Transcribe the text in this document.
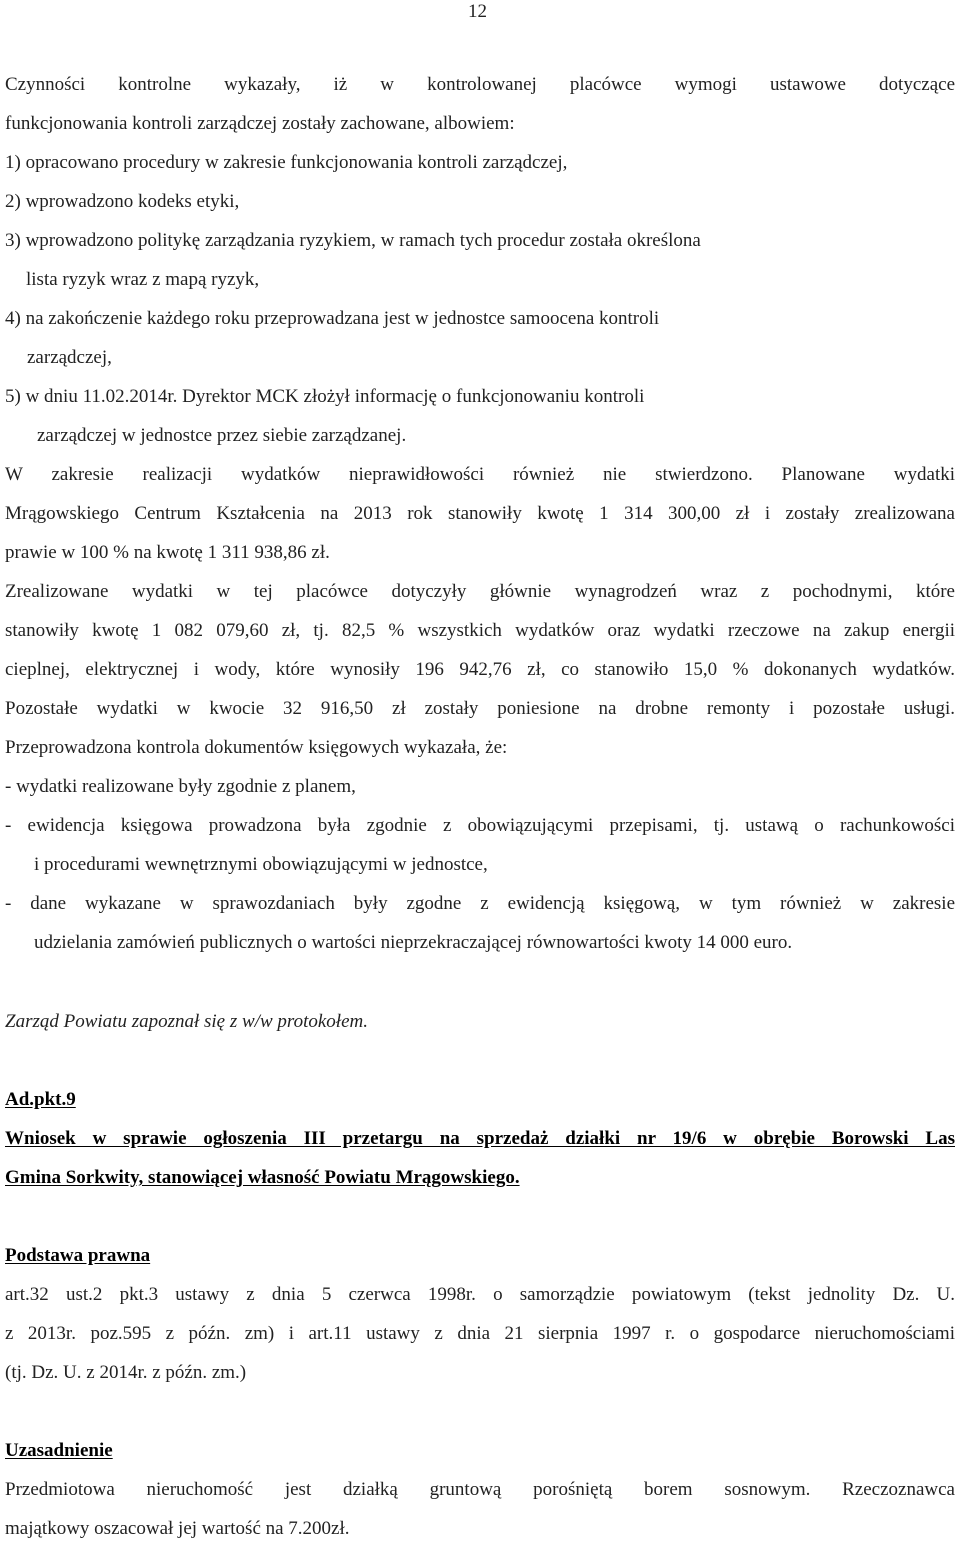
12

Czynności kontrolne wykazały, iż w kontrolowanej placówce wymogi ustawowe dotyczące

funkcjonowania kontroli zarządczej zostały zachowane, albowiem:

1) opracowano procedury w zakresie funkcjonowania kontroli zarządczej,

2) wprowadzono kodeks etyki,

3) wprowadzono politykę zarządzania ryzykiem, w ramach tych procedur została określona

lista ryzyk wraz z mapą ryzyk,

4) na zakończenie każdego roku przeprowadzana jest w jednostce samoocena kontroli

zarządczej,

5) w dniu 11.02.2014r. Dyrektor MCK złożył informację o funkcjonowaniu kontroli

zarządczej w jednostce przez siebie zarządzanej.

W zakresie realizacji wydatków nieprawidłowości również nie stwierdzono. Planowane wydatki

Mrągowskiego Centrum Kształcenia na 2013 rok stanowiły kwotę 1 314 300,00 zł i zostały zrealizowana

prawie w 100 % na kwotę 1 311 938,86 zł.

Zrealizowane wydatki w tej placówce dotyczyły głównie wynagrodzeń wraz z pochodnymi, które

stanowiły kwotę 1 082 079,60 zł, tj. 82,5 % wszystkich wydatków oraz wydatki rzeczowe na zakup energii

cieplnej, elektrycznej i wody, które wynosiły 196 942,76 zł, co stanowiło 15,0 % dokonanych wydatków.

Pozostałe wydatki w kwocie 32 916,50 zł zostały poniesione na drobne remonty i pozostałe usługi.

Przeprowadzona kontrola dokumentów księgowych wykazała, że:

- wydatki realizowane były zgodnie z planem,

- ewidencja księgowa prowadzona była zgodnie z obowiązującymi przepisami, tj. ustawą o rachunkowości

i procedurami wewnętrznymi obowiązującymi w jednostce,

- dane wykazane w sprawozdaniach były zgodne z ewidencją księgową, w tym również w zakresie

udzielania zamówień publicznych o wartości nieprzekraczającej równowartości kwoty 14 000 euro.

Zarząd Powiatu zapoznał się z w/w protokołem.

Ad.pkt.9

Wniosek w sprawie ogłoszenia III przetargu na sprzedaż działki nr 19/6 w obrębie Borowski Las

Gmina Sorkwity, stanowiącej własność Powiatu Mrągowskiego.

Podstawa prawna

art.32 ust.2 pkt.3 ustawy z dnia 5 czerwca 1998r. o samorządzie powiatowym (tekst jednolity Dz. U.

z 2013r. poz.595 z późn. zm) i art.11 ustawy z dnia 21 sierpnia 1997 r. o gospodarce nieruchomościami

(tj. Dz. U. z 2014r. z późn. zm.)

Uzasadnienie

Przedmiotowa nieruchomość jest działką gruntową porośniętą borem sosnowym. Rzeczoznawca

majątkowy oszacował jej wartość na 7.200zł.
